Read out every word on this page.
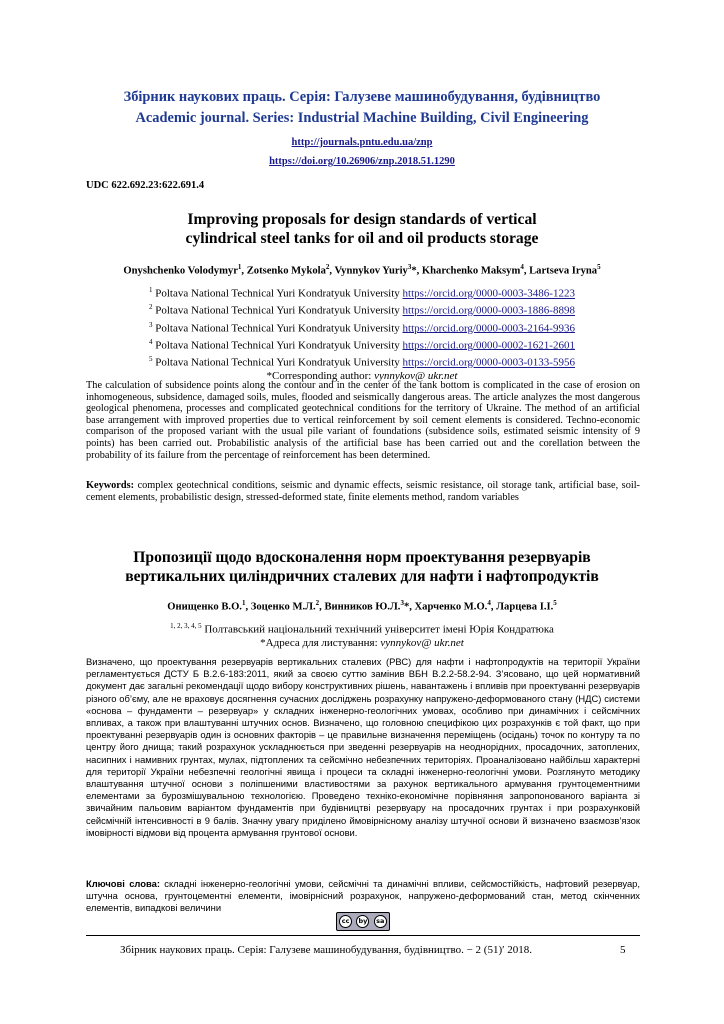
Збірник наукових праць. Серія: Галузеве машинобудування, будівництво
Academic journal. Series: Industrial Machine Building, Civil Engineering
http://journals.pntu.edu.ua/znp
https://doi.org/10.26906/znp.2018.51.1290
UDC 622.692.23:622.691.4
Improving proposals for design standards of vertical
cylindrical steel tanks for oil and oil products storage
Onyshchenko Volodymyr$^1$, Zotsenko Mykola$^2$, Vynnykov Yuriy$^3$*, Kharchenko Maksym$^4$, Lartseva Iryna$^5$
$^1$ Poltava National Technical Yuri Kondratyuk University https://orcid.org/0000-0003-3486-1223
$^2$ Poltava National Technical Yuri Kondratyuk University https://orcid.org/0000-0003-1886-8898
$^3$ Poltava National Technical Yuri Kondratyuk University https://orcid.org/0000-0003-2164-9936
$^4$ Poltava National Technical Yuri Kondratyuk University https://orcid.org/0000-0002-1621-2601
$^5$ Poltava National Technical Yuri Kondratyuk University https://orcid.org/0000-0003-0133-5956
*Corresponding author: vynnykov@ ukr.net
The calculation of subsidence points along the contour and in the center of the tank bottom is complicated in the case of erosion on inhomogeneous, subsidence, damaged soils, mules, flooded and seismically dangerous areas. The article analyzes the most dangerous geological phenomena, processes and complicated geotechnical conditions for the territory of Ukraine. The method of an artificial base arrangement with improved properties due to vertical reinforcement by soil cement elements is considered. Techno-economic comparison of the proposed variant with the usual pile variant of foundations (subsidence soils, estimated seismic intensity of 9 points) has been carried out. Probabilistic analysis of the artificial base has been carried out and the corellation between the probability of its failure from the percentage of reinforcement has been determined.
Keywords: complex geotechnical conditions, seismic and dynamic effects, seismic resistance, oil storage tank, artificial base, soil-cement elements, probabilistic design, stressed-deformed state, finite elements method, random variables
Пропозиції щодо вдосконалення норм проектування резервуарів
вертикальних циліндричних сталевих для нафти і нафтопродуктів
Онищенко В.О.$^1$, Зоценко М.Л.$^2$, Винников Ю.Л.$^3$*, Харченко М.О.$^4$, Ларцева І.І.$^5$
$^{1, 2, 3, 4, 5}$ Полтавський національний технічний університет імені Юрія Кондратюка
*Адреса для листування: vynnykov@ ukr.net
Визначено, що проектування резервуарів вертикальних сталевих (РВС) для нафти і нафтопродуктів на території України регламентується ДСТУ Б В.2.6-183:2011, який за своєю суттю замінив ВБН В.2.2-58.2-94. З’ясовано, що цей нормативний документ дає загальні рекомендації щодо вибору конструктивних рішень, навантажень і впливів при проектуванні резервуарів різного об’єму, але не враховує досягнення сучасних досліджень розрахунку напружено-деформованого стану (НДС) системи «основа – фундаменти – резервуар» у складних інженерно-геологічних умовах, особливо при динамічних і сейсмічних впливах, а також при влаштуванні штучних основ. Визначено, що головною специфікою цих розрахунків є той факт, що при проектуванні резервуарів один із основних факторів – це правильне визначення переміщень (осідань) точок по контуру та по центру його днища; такий розрахунок ускладнюється при зведенні резервуарів на неоднорідних, просадочних, затоплених, насипних і намивних грунтах, мулах, підтоплених та сейсмічно небезпечних територіях. Проаналізовано найбільш характерні для території України небезпечні геологічні явища і процеси та складні інженерно-геологічні умови. Розглянуто методику влаштування штучної основи з поліпшеними властивостями за рахунок вертикального армування грунтоцементними елементами за бурозмішувальною технологією. Проведено техніко-економічне порівняння запропонованого варіанта зі звичайним пальовим варіантом фундаментів при будівництві резервуару на просадочних грунтах і при розрахунковій сейсмічній інтенсивності в 9 балів. Значну увагу приділено ймовірнісному аналізу штучної основи й визначено взаємозв’язок імовірності відмови від процента армування грунтової основи.
Ключові слова: складні інженерно-геологічні умови, сейсмічні та динамічні впливи, сейсмостійкість, нафтовий резервуар, штучна основа, грунтоцементні елементи, імовірнісний розрахунок, напружено-деформований стан, метод скінченних елементів, випадкові величини
cc	by	sa
Збірник наукових праць. Серія: Галузеве машинобудування, будівництво. − 2 (51)′ 2018.	5
